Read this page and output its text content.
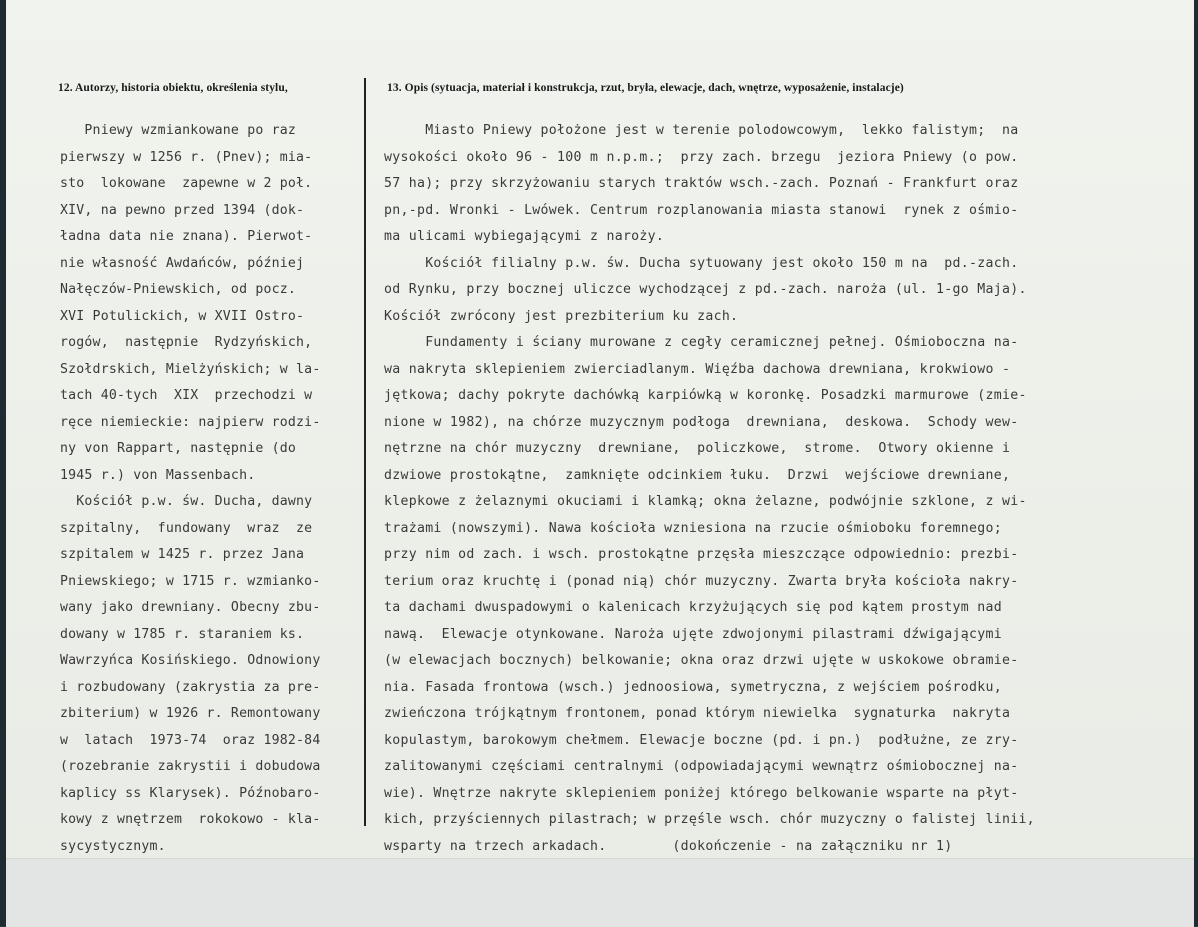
12. Autorzy, historia obiektu, określenia stylu,	13. Opis (sytuacja, materiał i konstrukcja, rzut, bryła, elewacje, dach, wnętrze, wyposażenie, instalacje)
Pniewy wzmiankowane po raz
pierwszy w 1256 r. (Pnev); mia-
sto  lokowane  zapewne w 2 poł.
XIV, na pewno przed 1394 (dok-
ładna data nie znana). Pierwot-
nie własność Awdańców, później
Nałęczów-Pniewskich, od pocz.
XVI Potulickich, w XVII Ostro-
rogów,  następnie  Rydzyńskich,
Szołdrskich, Mielżyńskich; w la-
tach 40-tych  XIX  przechodzi w
ręce niemieckie: najpierw rodzi-
ny von Rappart, następnie (do
1945 r.) von Massenbach.
Kościół p.w. św. Ducha, dawny
szpitalny,  fundowany  wraz  ze
szpitalem w 1425 r. przez Jana
Pniewskiego; w 1715 r. wzmianko-
wany jako drewniany. Obecny zbu-
dowany w 1785 r. staraniem ks.
Wawrzyńca Kosińskiego. Odnowiony
i rozbudowany (zakrystia za pre-
zbiterium) w 1926 r. Remontowany
w  latach  1973-74  oraz 1982-84
(rozebranie zakrystii i dobudowa
kaplicy ss Klarysek). Późnobaro-
kowy z wnętrzem  rokokowo - kla-
sycystycznym.
Miasto Pniewy położone jest w terenie polodowcowym,  lekko falistym;  na
wysokości około 96 - 100 m n.p.m.;  przy zach. brzegu  jeziora Pniewy (o pow.
57 ha); przy skrzyżowaniu starych traktów wsch.-zach. Poznań - Frankfurt oraz
pn,-pd. Wronki - Lwówek. Centrum rozplanowania miasta stanowi  rynek z ośmio-
ma ulicami wybiegającymi z naroży.
Kościół filialny p.w. św. Ducha sytuowany jest około 150 m na  pd.-zach.
od Rynku, przy bocznej uliczce wychodzącej z pd.-zach. naroża (ul. 1-go Maja).
Kościół zwrócony jest prezbiterium ku zach.
Fundamenty i ściany murowane z cegły ceramicznej pełnej. Ośmioboczna na-
wa nakryta sklepieniem zwierciadlanym. Więźba dachowa drewniana, krokwiowo -
jętkowa; dachy pokryte dachówką karpiówką w koronkę. Posadzki marmurowe (zmie-
nione w 1982), na chórze muzycznym podłoga  drewniana,  deskowa.  Schody wew-
nętrzne na chór muzyczny  drewniane,  policzkowe,  strome.  Otwory okienne i
dzwiowe prostokątne,  zamknięte odcinkiem łuku.  Drzwi  wejściowe drewniane,
klepkowe z żelaznymi okuciami i klamką; okna żelazne, podwójnie szklone, z wi-
trażami (nowszymi). Nawa kościoła wzniesiona na rzucie ośmioboku foremnego;
przy nim od zach. i wsch. prostokątne przęsła mieszczące odpowiednio: prezbi-
terium oraz kruchtę i (ponad nią) chór muzyczny. Zwarta bryła kościoła nakry-
ta dachami dwuspadowymi o kalenicach krzyżujących się pod kątem prostym nad
nawą.  Elewacje otynkowane. Naroża ujęte zdwojonymi pilastrami dźwigającymi
(w elewacjach bocznych) belkowanie; okna oraz drzwi ujęte w uskokowe obramie-
nia. Fasada frontowa (wsch.) jednoosiowa, symetryczna, z wejściem pośrodku,
zwieńczona trójkątnym frontonem, ponad którym niewielka  sygnaturka  nakryta
kopulastym, barokowym chełmem. Elewacje boczne (pd. i pn.)  podłużne, ze zry-
zalitowanymi częściami centralnymi (odpowiadającymi wewnątrz ośmiobocznej na-
wie). Wnętrze nakryte sklepieniem poniżej którego belkowanie wsparte na płyt-
kich, przyściennych pilastrach; w przęśle wsch. chór muzyczny o falistej linii,
wsparty na trzech arkadach.        (dokończenie - na załączniku nr 1)
